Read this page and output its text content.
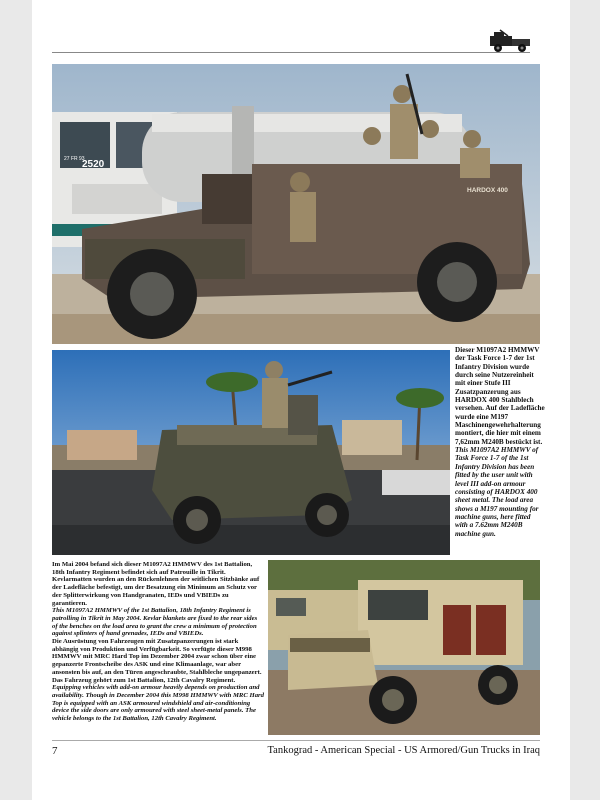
2520
27 FR 93
HARDOX 400

Dieser M1097A2 HMMWV der Task Force 1-7 der 1st Infantry Division wurde durch seine Nutzereinheit mit einer Stufe III Zusatzpanzerung aus HARDOX 400 Stahlblech versehen. Auf der Ladefläche wurde eine M197 Maschinengewehrhalterung montiert, die hier mit einem 7,62mm M240B bestückt ist.

This M1097A2 HMMWV of Task Force 1-7 of the 1st Infantry Division has been fitted by the user unit with level III add-on armour consisting of HARDOX 400 sheet metal. The load area shows a M197 mounting for machine guns, here fitted with a 7.62mm M240B machine gun.

Im Mai 2004 befand sich dieser M1097A2 HMMWV des 1st Battalion, 18th Infantry Regiment befindet sich auf Patrouille in Tikrit. Kevlarmatten wurden an den Rückenlehnen der seitlichen Sitzbänke auf der Ladefläche befestigt, um der Besatzung ein Minimum an Schutz vor der Splitterwirkung von Handgranaten, IEDs und VBIEDs zu garantieren.

This M1097A2 HMMWV of the 1st Battalion, 18th Infantry Regiment is patrolling in Tikrit in May 2004. Kevlar blankets are fixed to the rear sides of the benches on the load area to grant the crew a minimum of protection against splinters of hand grenades, IEDs and VBIEDs.

Die Ausrüstung von Fahrzeugen mit Zusatzpanzerungen ist stark abhängig von Produktion und Verfügbarkeit. So verfügte dieser M998 HMMWV mit MRC Hard Top im Dezember 2004 zwar schon über eine gepanzerte Frontscheibe des ASK und eine Klimaanlage, war aber ansonsten bis auf, an den Türen angeschraubte, Stahlbleche ungepanzert. Das Fahrzeug gehört zum 1st Battalion, 12th Cavalry Regiment.

Equipping vehicles with add-on armour heavily depends on production and availability. Though in December 2004 this M998 HMMWV with MRC Hard Top is equipped with an ASK armoured windshield and air-conditioning device the side doors are only armoured with steel sheet-metal panels. The vehicle belongs to the 1st Battalion, 12th Cavalry Regiment.

7	Tankograd - American Special - US Armored/Gun Trucks in Iraq
